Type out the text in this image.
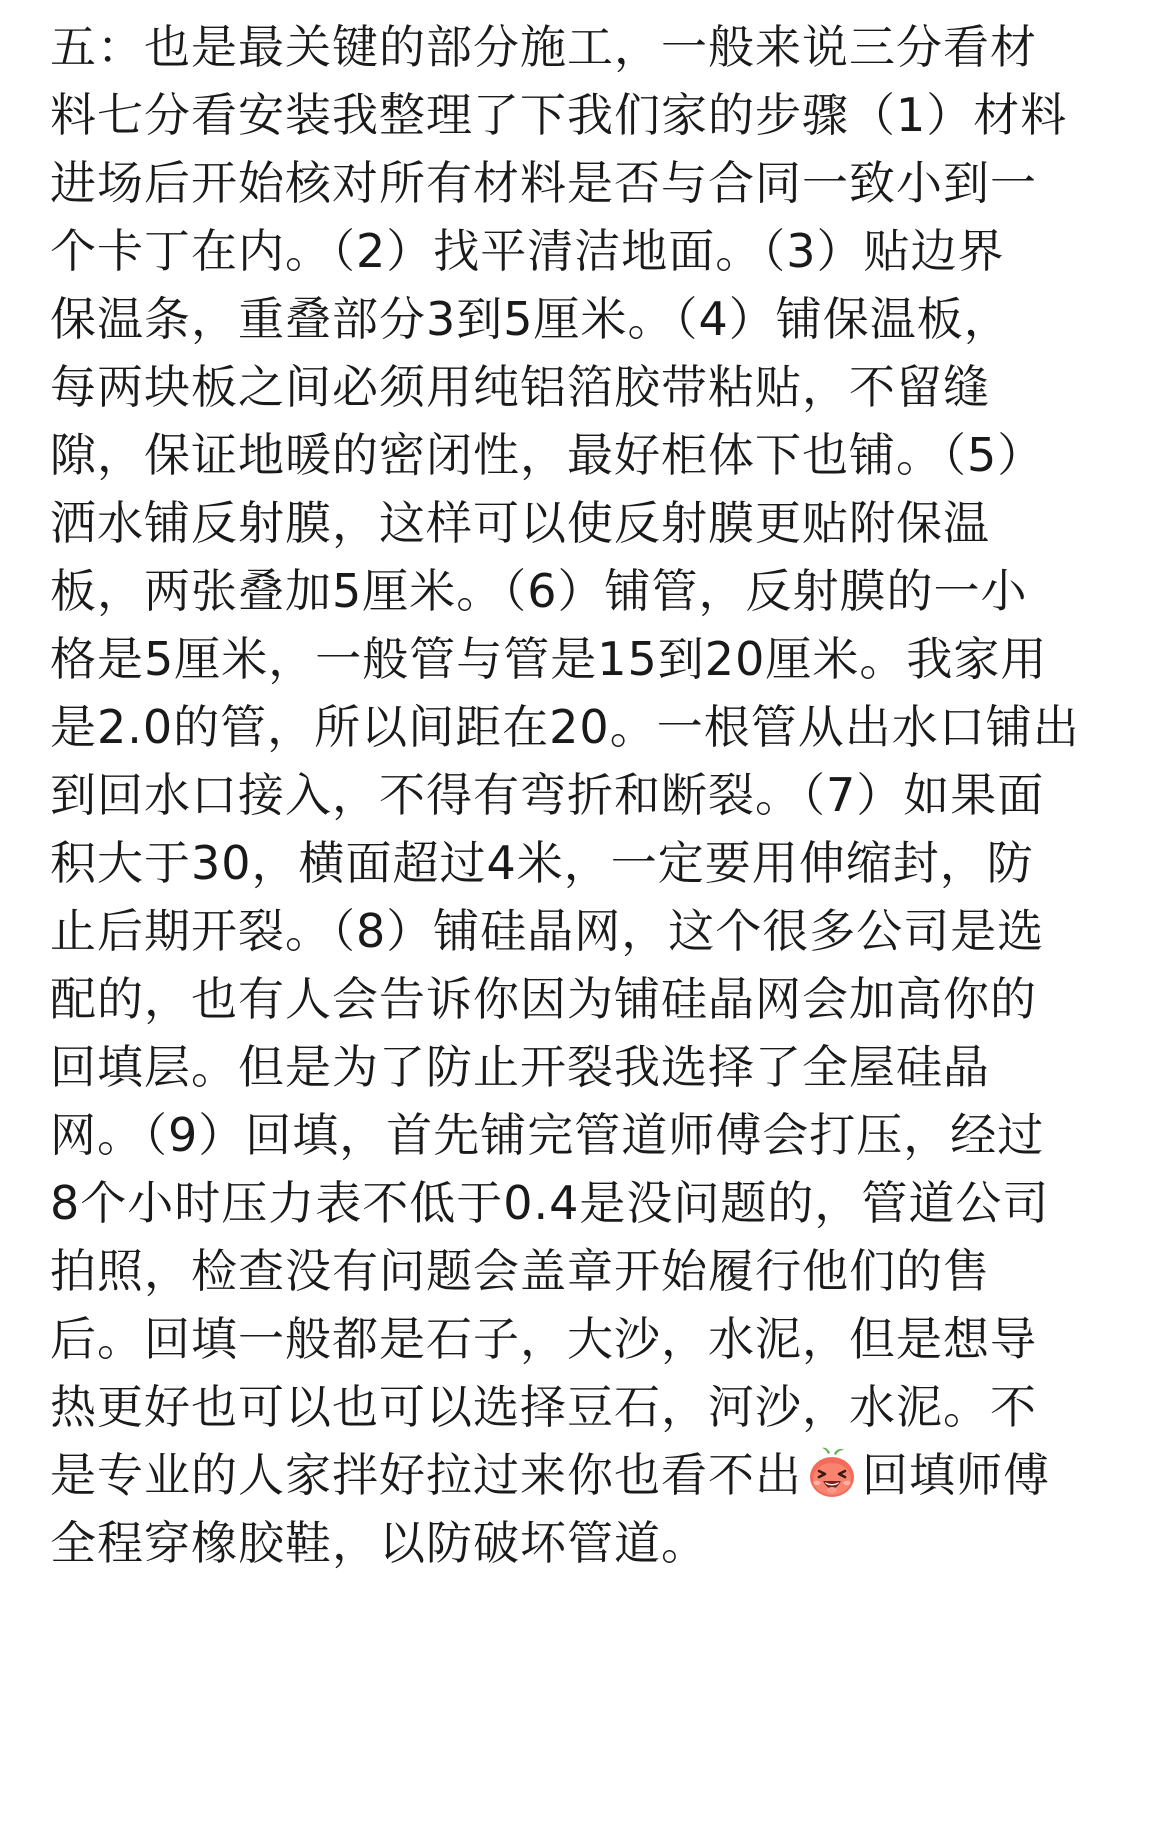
五：也是最关键的部分施工，一般来说三分看材
料七分看安装我整理了下我们家的步骤（1）材料
进场后开始核对所有材料是否与合同一致小到一
个卡丁在内。（2）找平清洁地面。（3）贴边界
保温条，重叠部分3到5厘米。（4）铺保温板，
每两块板之间必须用纯铝箔胶带粘贴，不留缝
隙，保证地暖的密闭性，最好柜体下也铺。（5）
洒水铺反射膜，这样可以使反射膜更贴附保温
板，两张叠加5厘米。（6）铺管，反射膜的一小
格是5厘米，一般管与管是15到20厘米。我家用
是2.0的管，所以间距在20。一根管从出水口铺出
到回水口接入，不得有弯折和断裂。（7）如果面
积大于30，横面超过4米，一定要用伸缩封，防
止后期开裂。（8）铺硅晶网，这个很多公司是选
配的，也有人会告诉你因为铺硅晶网会加高你的
回填层。但是为了防止开裂我选择了全屋硅晶
网。（9）回填，首先铺完管道师傅会打压，经过
8个小时压力表不低于0.4是没问题的，管道公司
拍照，检查没有问题会盖章开始履行他们的售
后。回填一般都是石子，大沙，水泥，但是想导
热更好也可以也可以选择豆石，河沙，水泥。不
是专业的人家拌好拉过来你也看不出 回填师傅
全程穿橡胶鞋，以防破坏管道。
